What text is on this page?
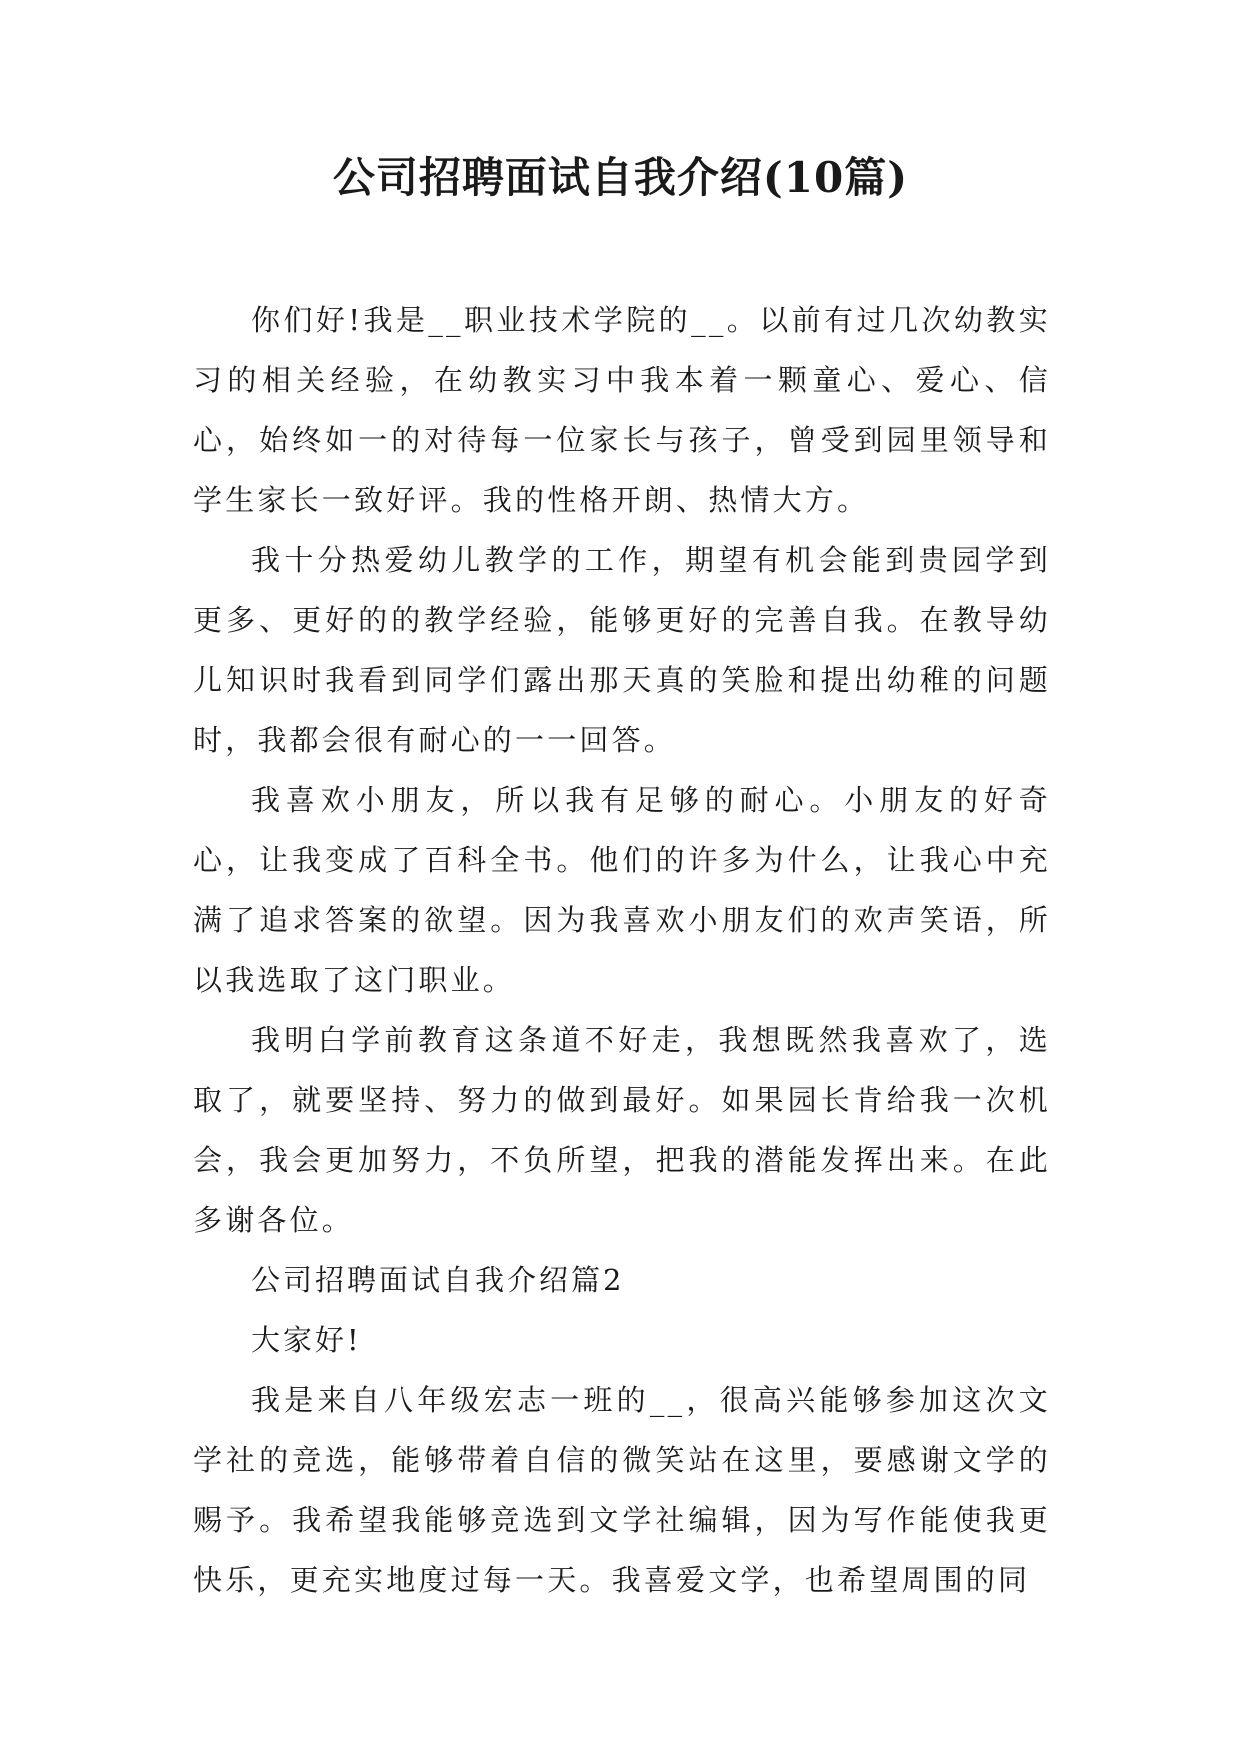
公司招聘面试自我介绍(10篇)

你们好!我是__职业技术学院的__。以前有过几次幼教实习的相关经验，在幼教实习中我本着一颗童心、爱心、信心，始终如一的对待每一位家长与孩子，曾受到园里领导和学生家长一致好评。我的性格开朗、热情大方。

我十分热爱幼儿教学的工作，期望有机会能到贵园学到更多、更好的的教学经验，能够更好的完善自我。在教导幼儿知识时我看到同学们露出那天真的笑脸和提出幼稚的问题时，我都会很有耐心的一一回答。

我喜欢小朋友，所以我有足够的耐心。小朋友的好奇心，让我变成了百科全书。他们的许多为什么，让我心中充满了追求答案的欲望。因为我喜欢小朋友们的欢声笑语，所以我选取了这门职业。

我明白学前教育这条道不好走，我想既然我喜欢了，选取了，就要坚持、努力的做到最好。如果园长肯给我一次机会，我会更加努力，不负所望，把我的潜能发挥出来。在此多谢各位。

公司招聘面试自我介绍篇2

大家好!

我是来自八年级宏志一班的__，很高兴能够参加这次文学社的竞选，能够带着自信的微笑站在这里，要感谢文学的赐予。我希望我能够竞选到文学社编辑，因为写作能使我更快乐，更充实地度过每一天。我喜爱文学，也希望周围的同
